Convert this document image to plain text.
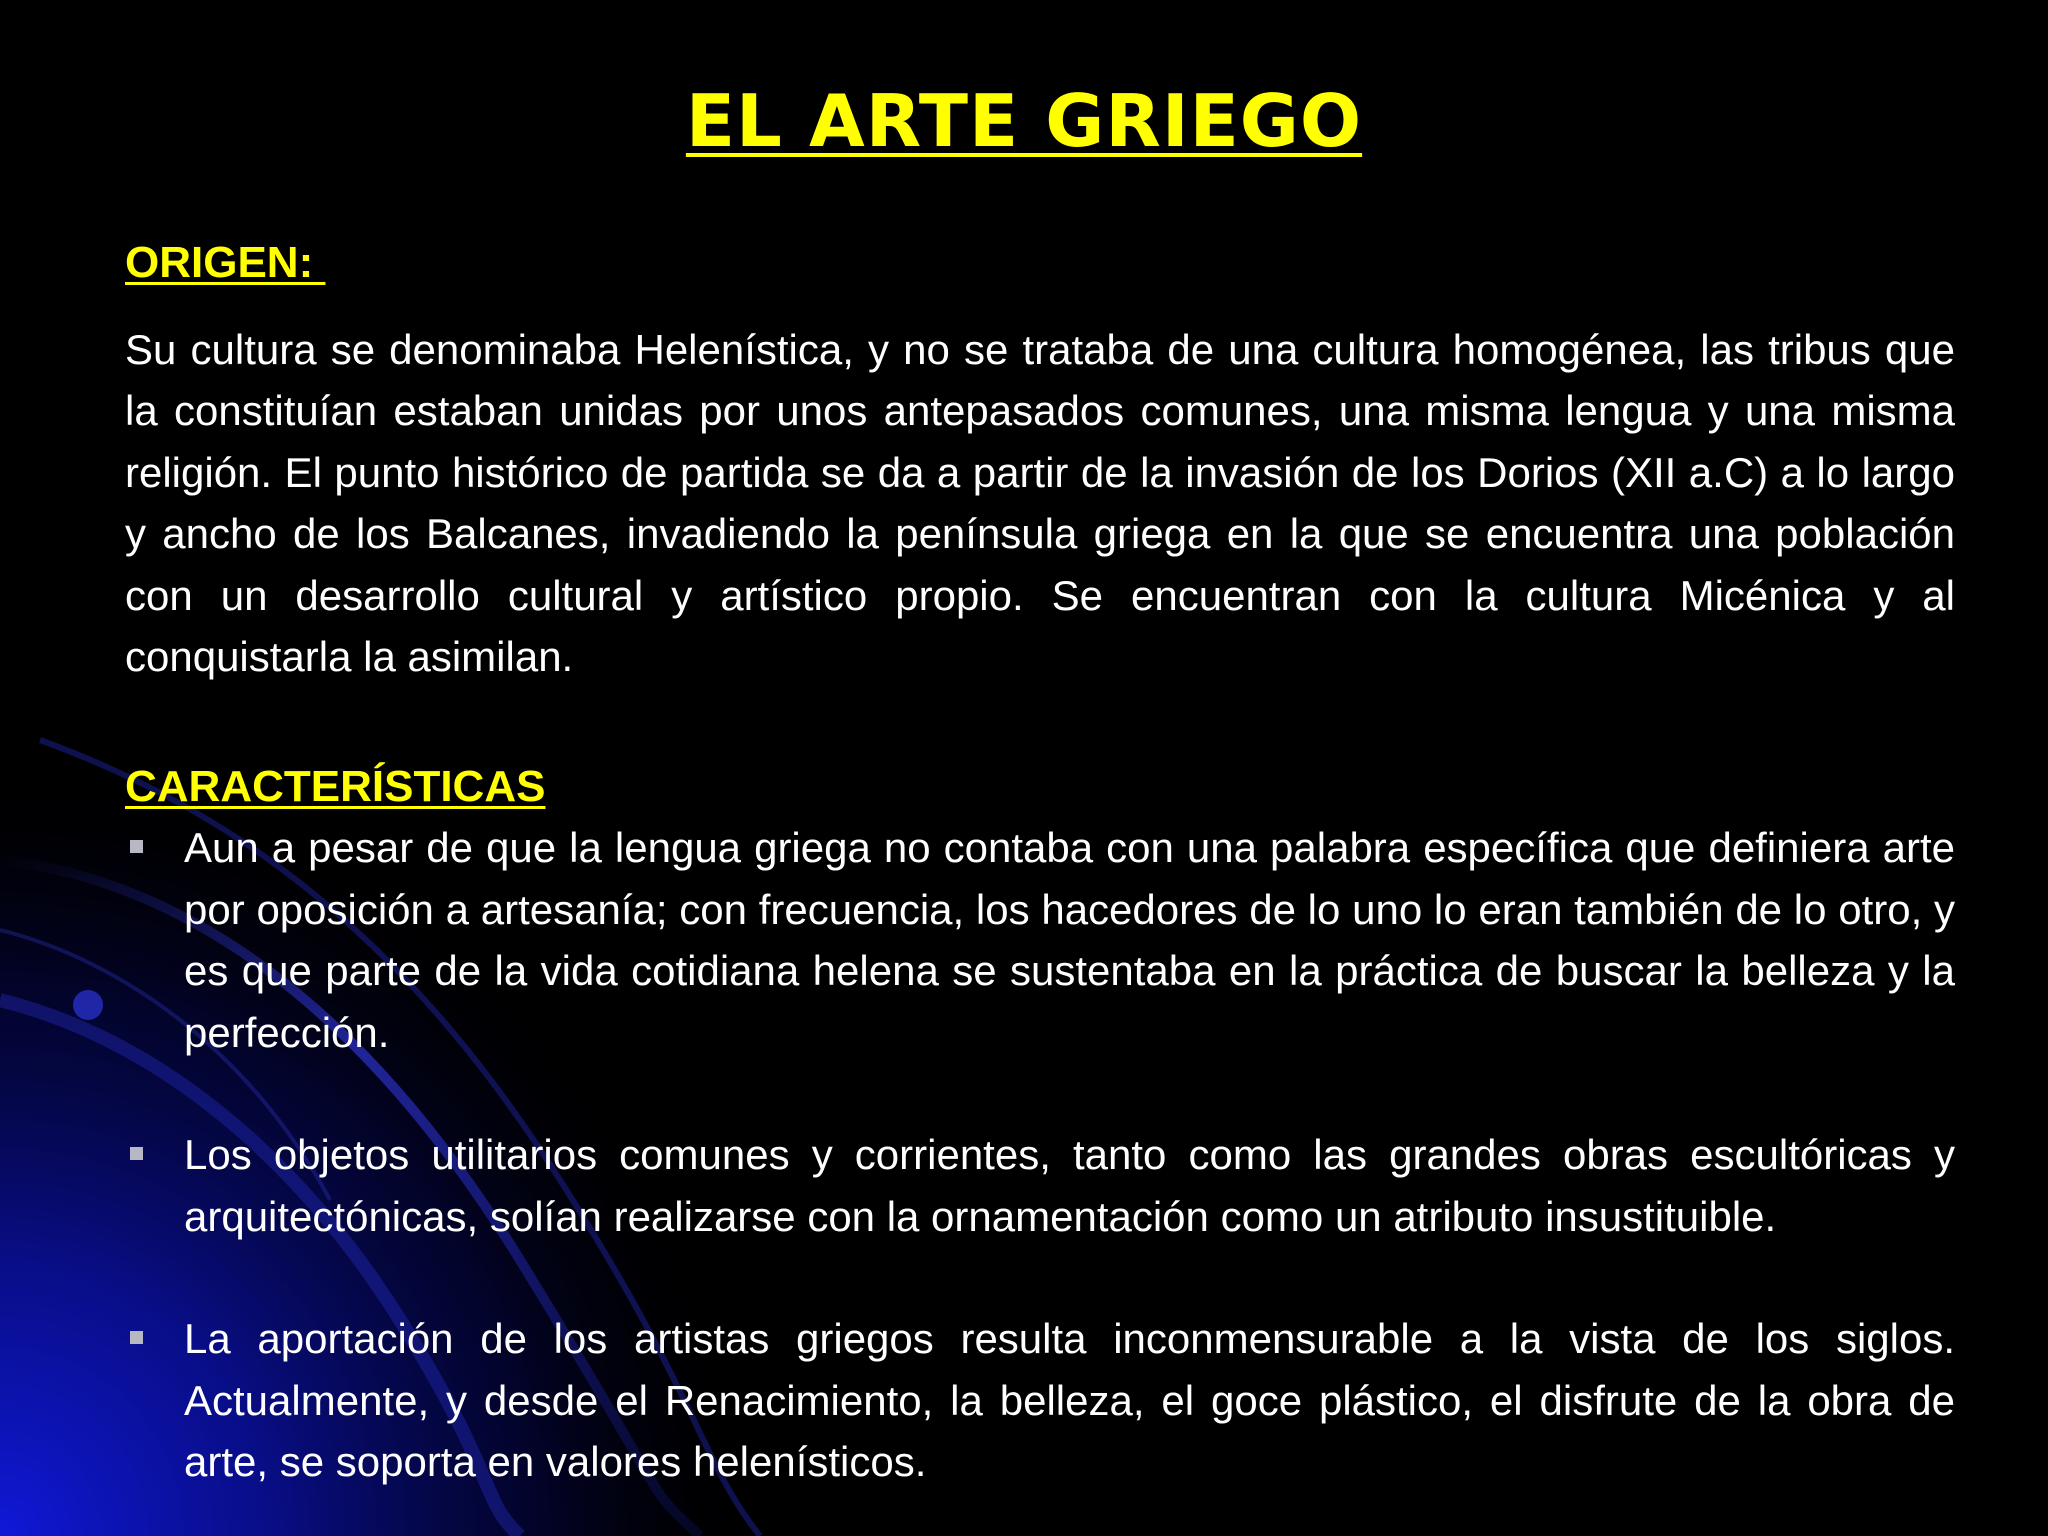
EL ARTE GRIEGO

ORIGEN:

Su cultura se denominaba Helenística, y no se trataba de una cultura homogénea, las tribus que la constituían estaban unidas por unos antepasados comunes, una misma lengua y una misma religión. El punto histórico de partida se da a partir de la invasión de los Dorios (XII a.C) a lo largo y ancho de los Balcanes, invadiendo la península griega en la que se encuentra una población con un desarrollo cultural y artístico propio. Se encuentran con la cultura Micénica y al conquistarla la asimilan.

CARACTERÍSTICAS

Aun a pesar de que la lengua griega no contaba con una palabra específica que definiera arte por oposición a artesanía; con frecuencia, los hacedores de lo uno lo eran también de lo otro, y es que parte de la vida cotidiana helena se sustentaba en la práctica de buscar la belleza y la perfección.
Los objetos utilitarios comunes y corrientes, tanto como las grandes obras escultóricas y arquitectónicas, solían realizarse con la ornamentación como un atributo insustituible.
La aportación de los artistas griegos resulta inconmensurable a la vista de los siglos. Actualmente, y desde el Renacimiento, la belleza, el goce plástico, el disfrute de la obra de arte, se soporta en valores helenísticos.
